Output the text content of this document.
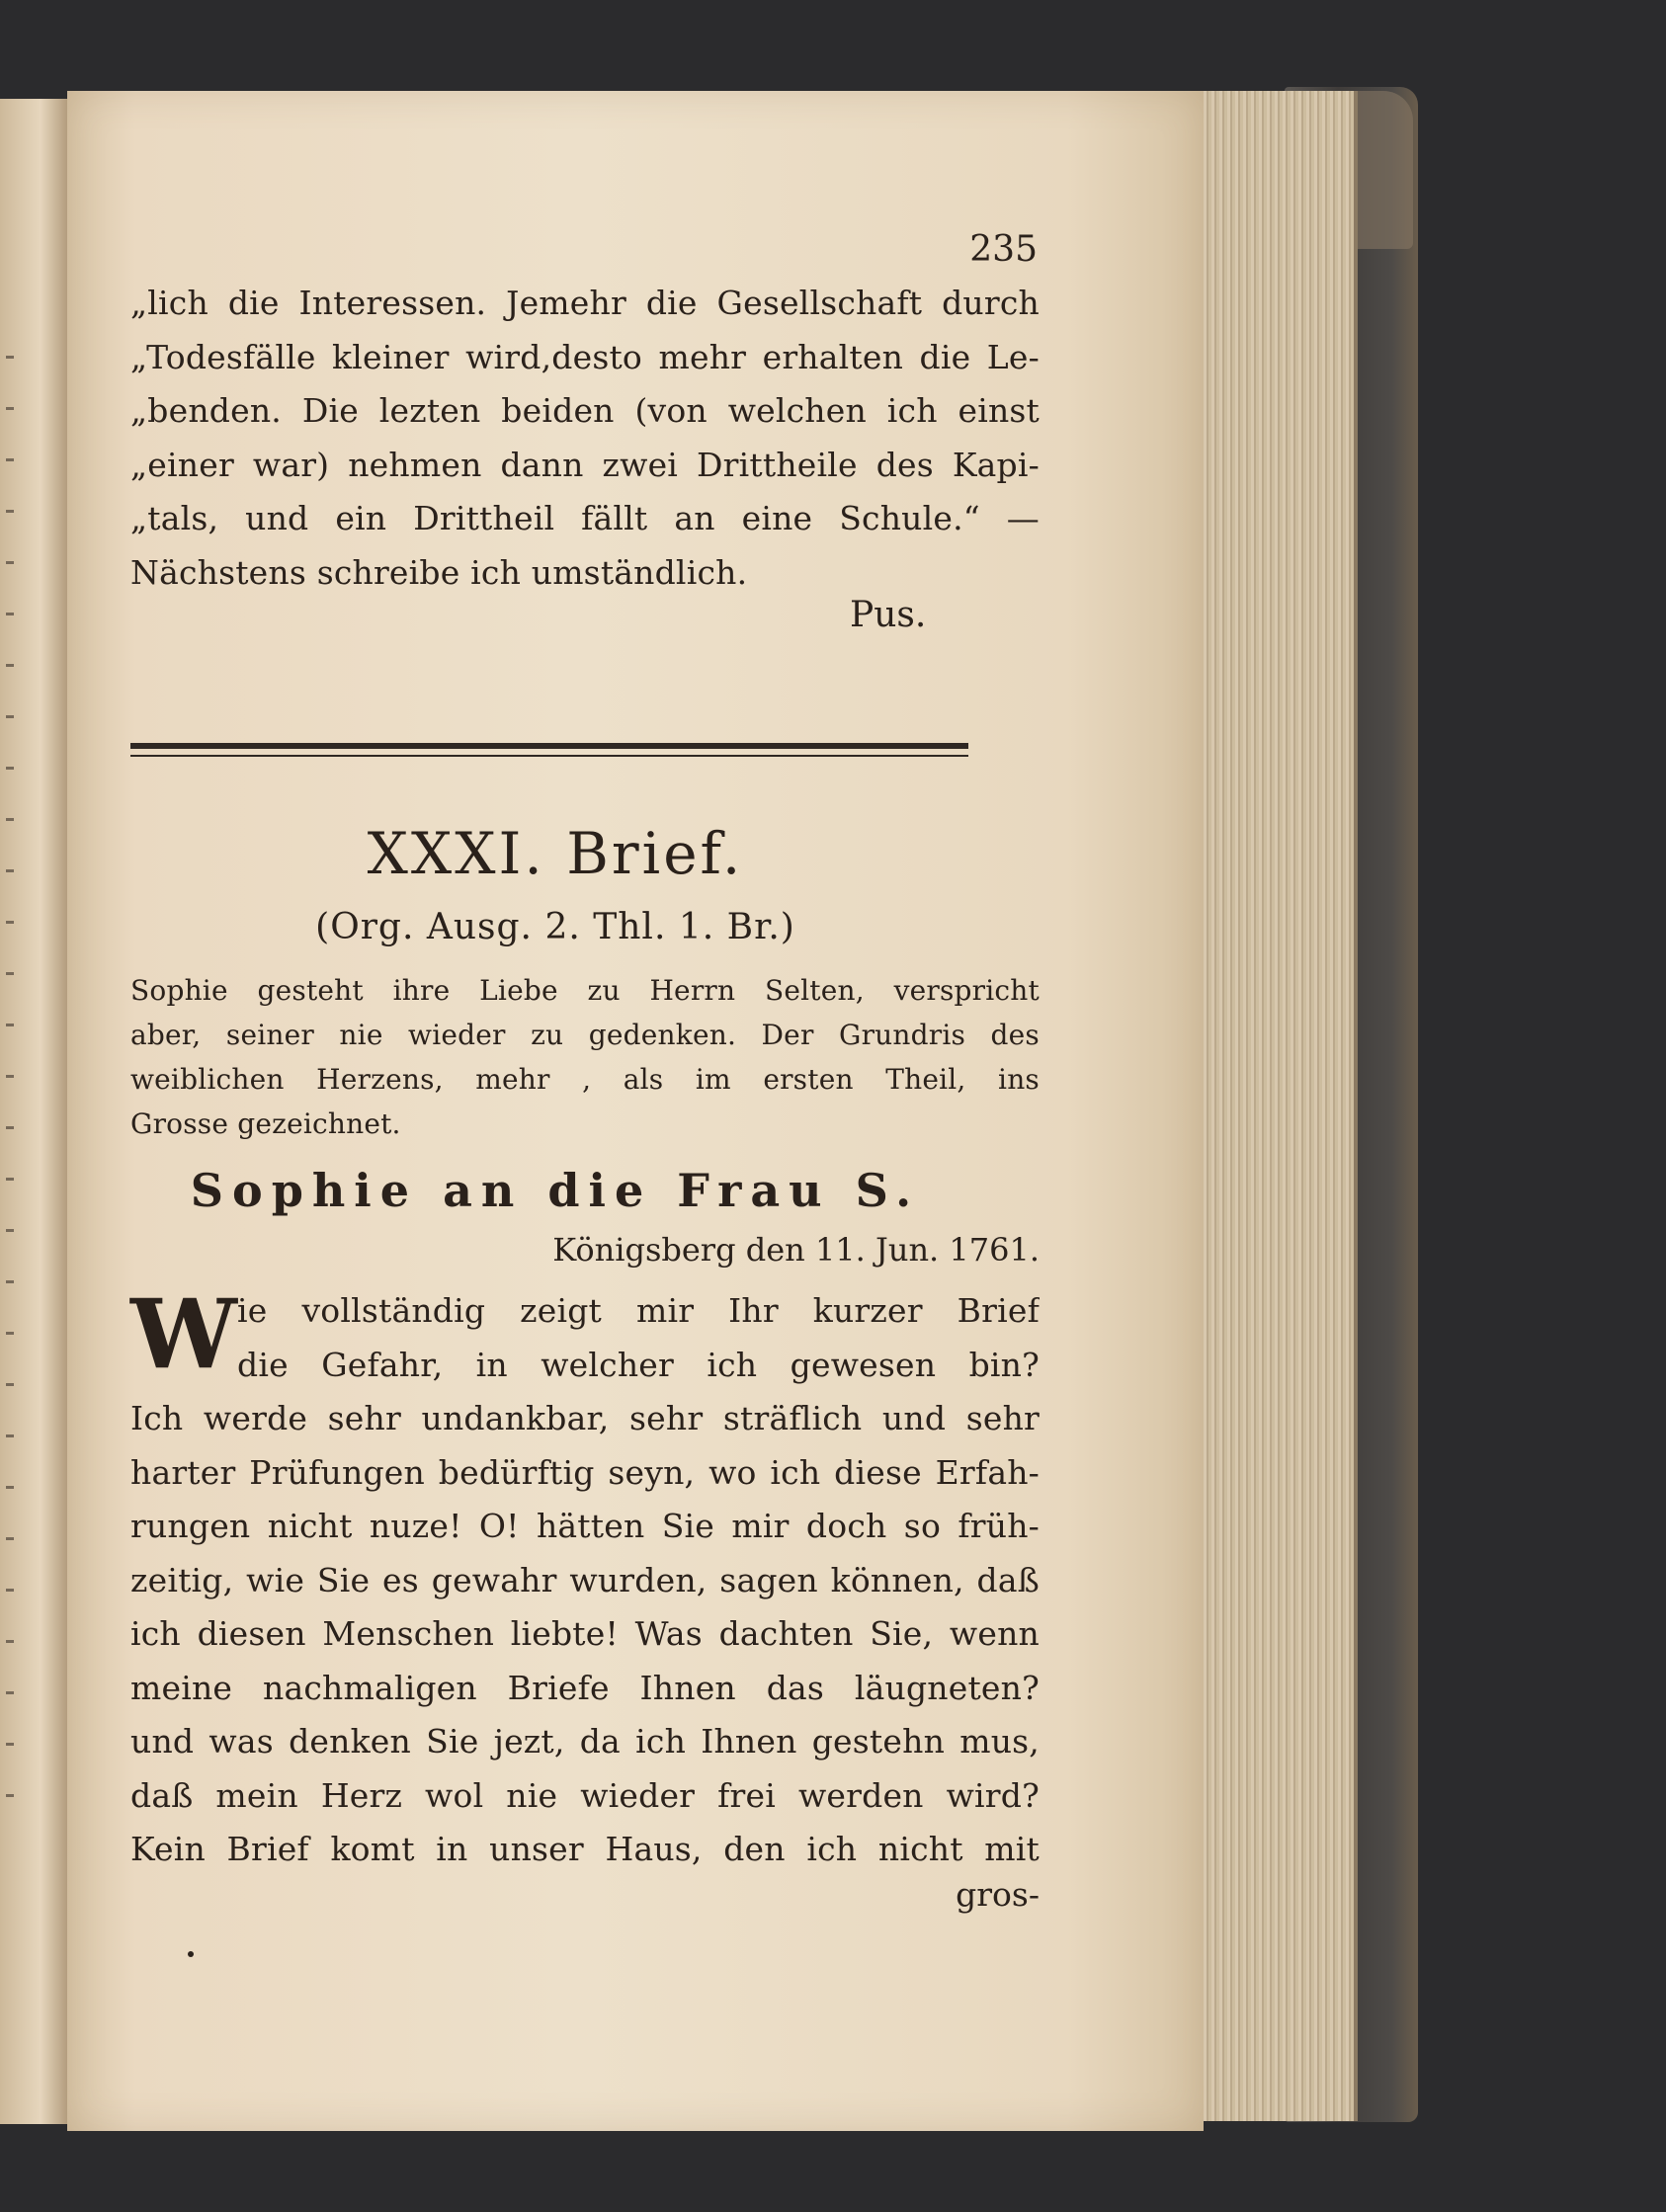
235
„lich die Interessen. Jemehr die Gesellschaft durch
„Todesfälle kleiner wird,desto mehr erhalten die Le-
„benden. Die lezten beiden (von welchen ich einst
„einer war) nehmen dann zwei Drittheile des Kapi-
„tals, und ein Drittheil fällt an eine Schule.“ —
Nächstens schreibe ich umständlich.
Pus.
XXXI. Brief.
(Org. Ausg. 2. Thl. 1. Br.)
Sophie gesteht ihre Liebe zu Herrn Selten, verspricht
aber, seiner nie wieder zu gedenken. Der Grundris des
weiblichen Herzens, mehr , als im ersten Theil, ins
Grosse gezeichnet.
Sophie an die Frau S.
Königsberg den 11. Jun. 1761.
W ie vollständig zeigt mir Ihr kurzer Brief
die Gefahr, in welcher ich gewesen bin?
Ich werde sehr undankbar, sehr sträflich und sehr
harter Prüfungen bedürftig seyn, wo ich diese Erfah-
rungen nicht nuze! O! hätten Sie mir doch so früh-
zeitig, wie Sie es gewahr wurden, sagen können, daß
ich diesen Menschen liebte! Was dachten Sie, wenn
meine nachmaligen Briefe Ihnen das läugneten?
und was denken Sie jezt, da ich Ihnen gestehn mus,
daß mein Herz wol nie wieder frei werden wird?
Kein Brief komt in unser Haus, den ich nicht mit
gros-
